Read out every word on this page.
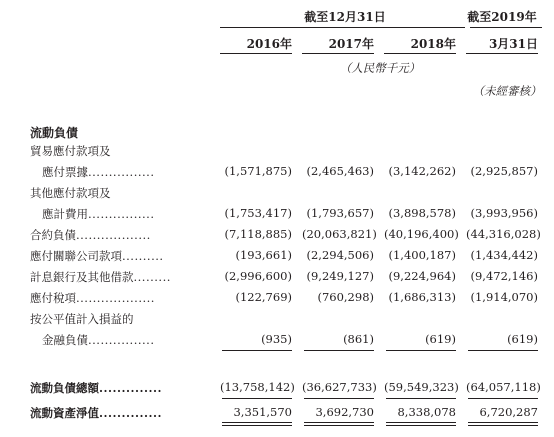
截至12月31日	截至2019年
2016年	2017年	2018年	3月31日
（人民幣千元）
（未經審核）
流動負債
貿易應付款項及
應付票據................	(1,571,875)	(2,465,463)	(3,142,262)	(2,925,857)
其他應付款項及
應計費用................	(1,753,417)	(1,793,657)	(3,898,578)	(3,993,956)
合約負債..................	(7,118,885) (20,063,821) (40,196,400) (44,316,028)
應付關聯公司款項..........	(193,661)	(2,294,506)	(1,400,187)	(1,434,442)
計息銀行及其他借款.........	(2,996,600)	(9,249,127)	(9,224,964)	(9,472,146)
應付稅項...................	(122,769)	(760,298)	(1,686,313)	(1,914,070)
按公平值計入損益的
金融負債................	(935)	(861)	(619)	(619)
流動負債總額..............	(13,758,142) (36,627,733) (59,549,323) (64,057,118)
流動資產淨值..............	3,351,570	3,692,730	8,338,078	6,720,287
